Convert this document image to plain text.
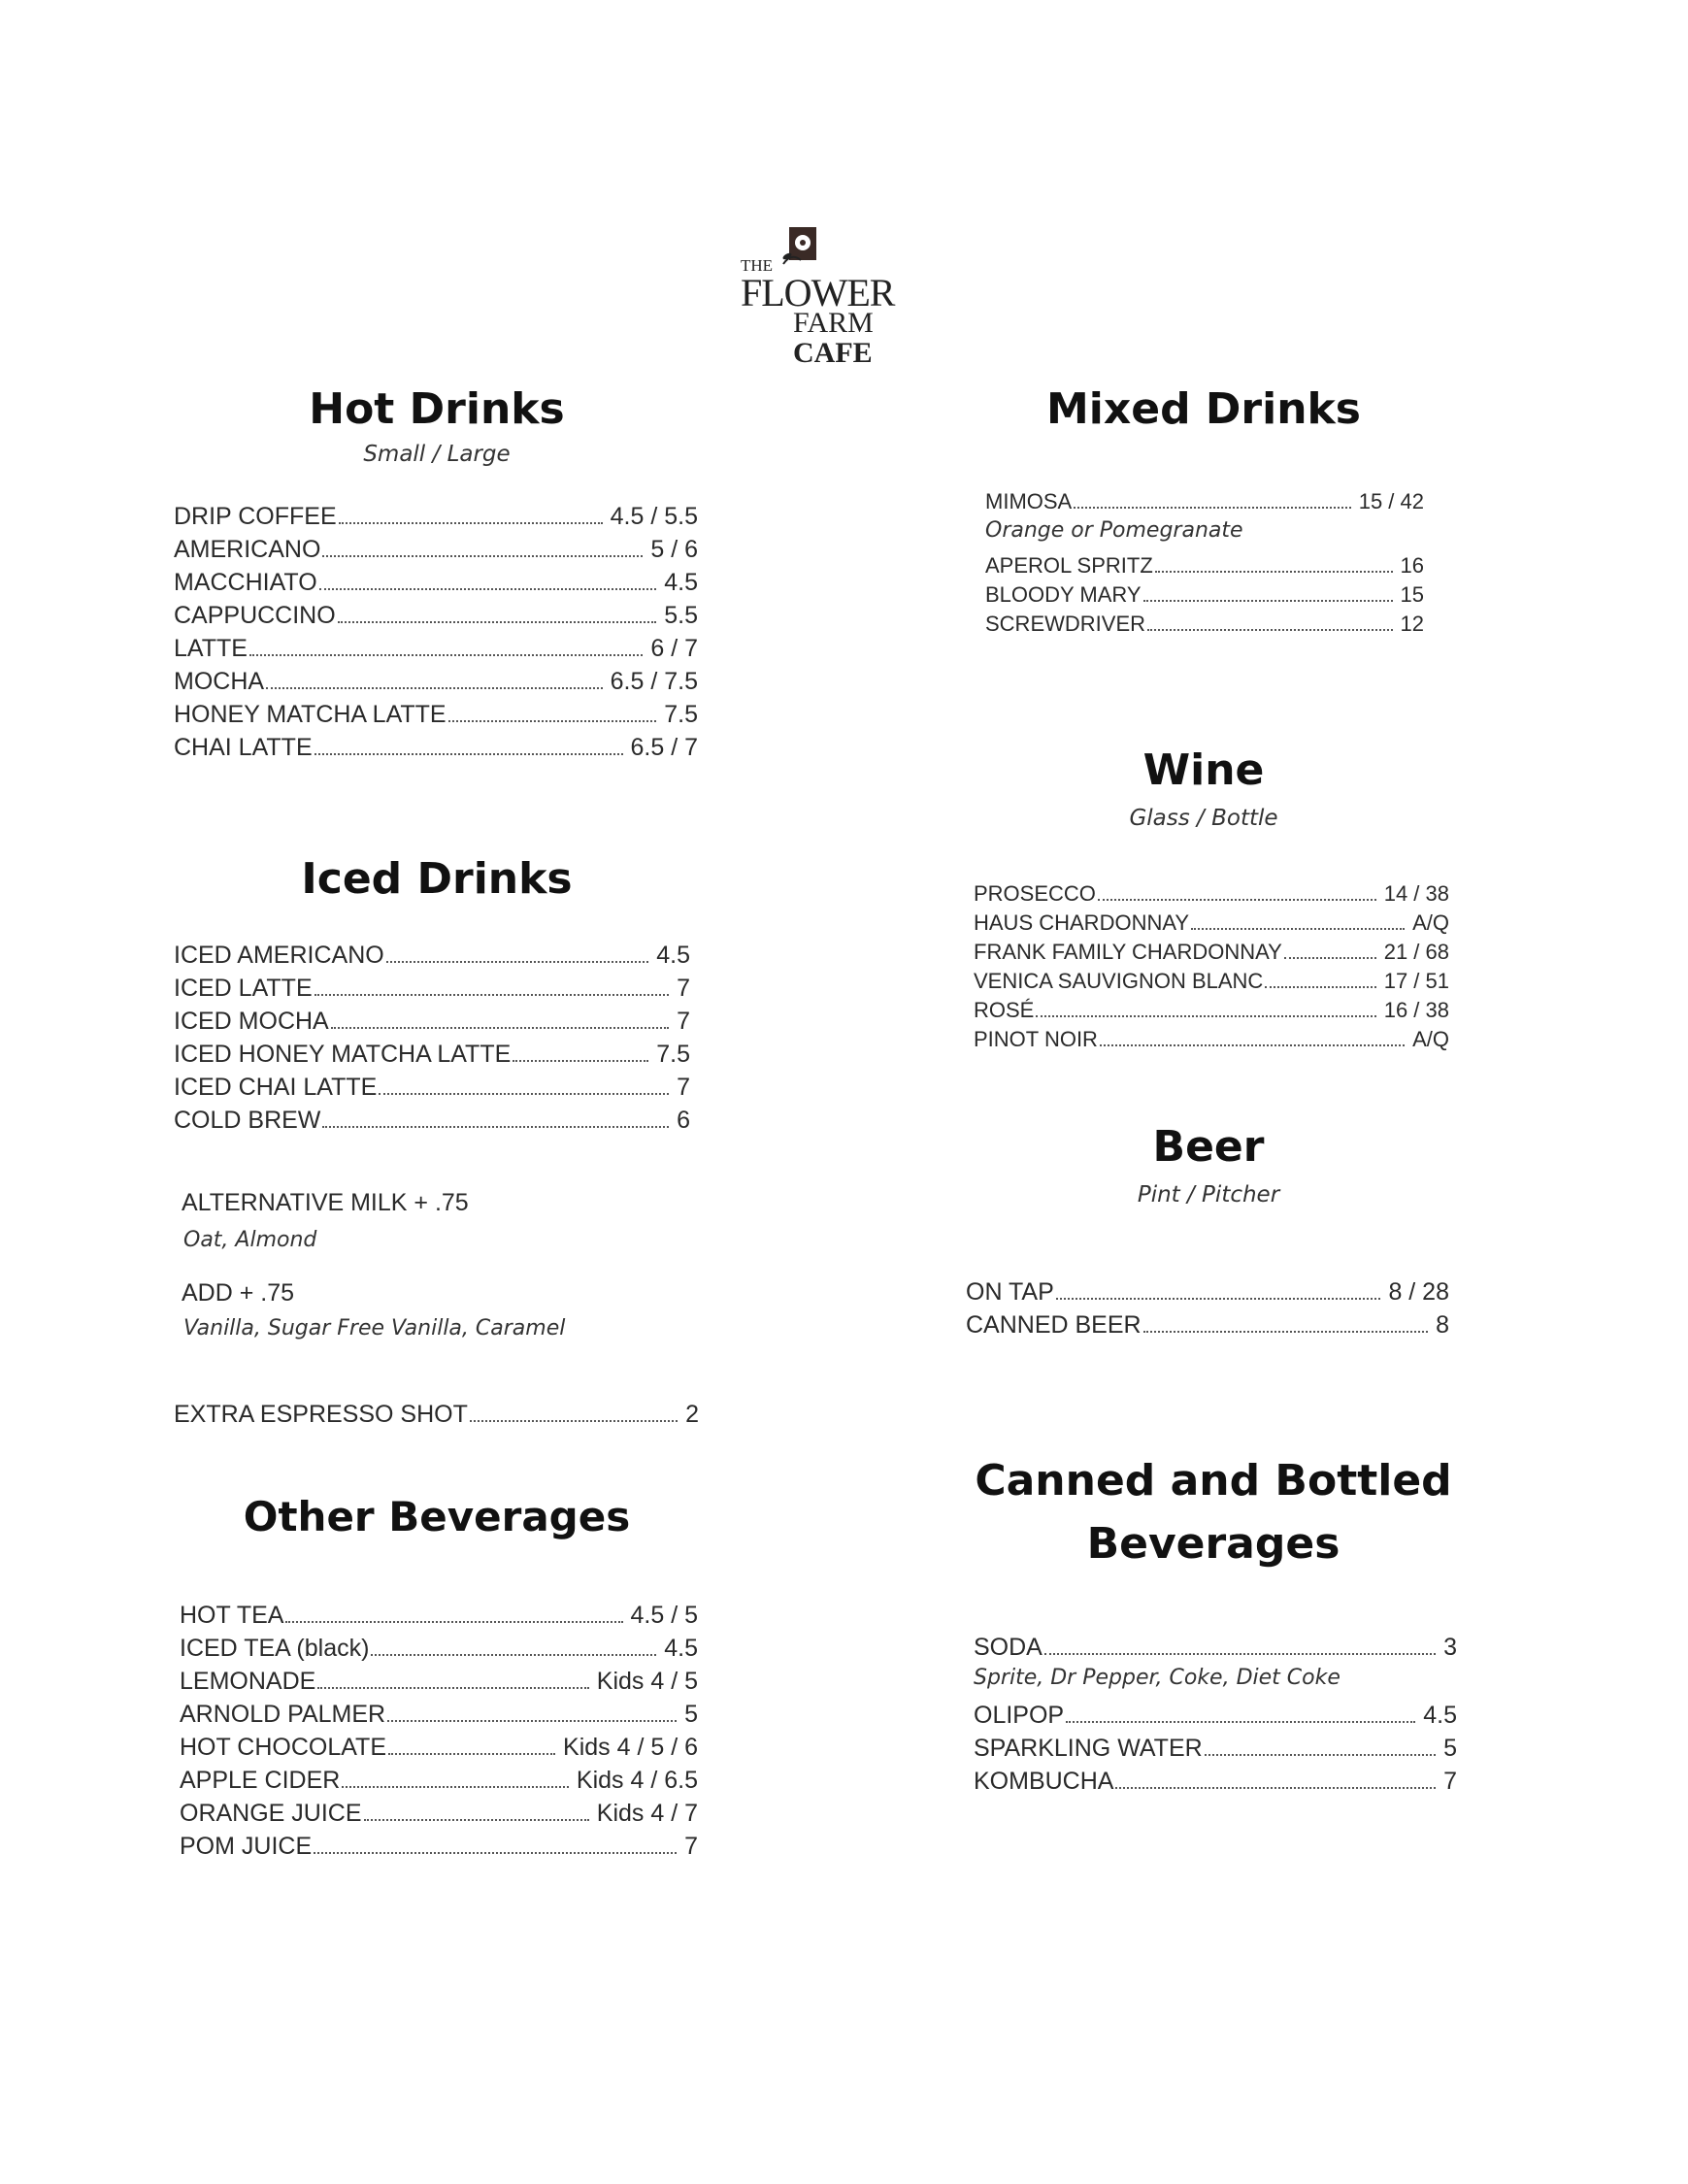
THE
FLOWER
FARM
CAFE
Hot Drinks
Small / Large
DRIP COFFEE	4.5 / 5.5
AMERICANO	5 / 6
MACCHIATO	4.5
CAPPUCCINO	5.5
LATTE	6 / 7
MOCHA	6.5 / 7.5
HONEY MATCHA LATTE	7.5
CHAI LATTE	6.5 / 7
Iced Drinks
ICED AMERICANO	4.5
ICED LATTE	7
ICED MOCHA	7
ICED HONEY MATCHA LATTE	7.5
ICED CHAI LATTE	7
COLD BREW	6
ALTERNATIVE MILK + .75
Oat, Almond
ADD + .75
Vanilla, Sugar Free Vanilla, Caramel
EXTRA ESPRESSO SHOT	2
Other Beverages
HOT TEA	4.5 / 5
ICED TEA (black)	4.5
LEMONADE	Kids 4 / 5
ARNOLD PALMER	5
HOT CHOCOLATE	Kids 4 / 5 / 6
APPLE CIDER	Kids 4 / 6.5
ORANGE JUICE	Kids 4 / 7
POM JUICE	7
Mixed Drinks
MIMOSA	15 / 42
Orange or Pomegranate
APEROL SPRITZ	16
BLOODY MARY	15
SCREWDRIVER	12
Wine
Glass / Bottle
PROSECCO	14 / 38
HAUS CHARDONNAY	A/Q
FRANK FAMILY CHARDONNAY	21 / 68
VENICA SAUVIGNON BLANC	17 / 51
ROSÉ	16 / 38
PINOT NOIR	A/Q
Beer
Pint / Pitcher
ON TAP	8 / 28
CANNED BEER	8
Canned and Bottled
Beverages
SODA	3
Sprite, Dr Pepper, Coke, Diet Coke
OLIPOP	4.5
SPARKLING WATER	5
KOMBUCHA	7
